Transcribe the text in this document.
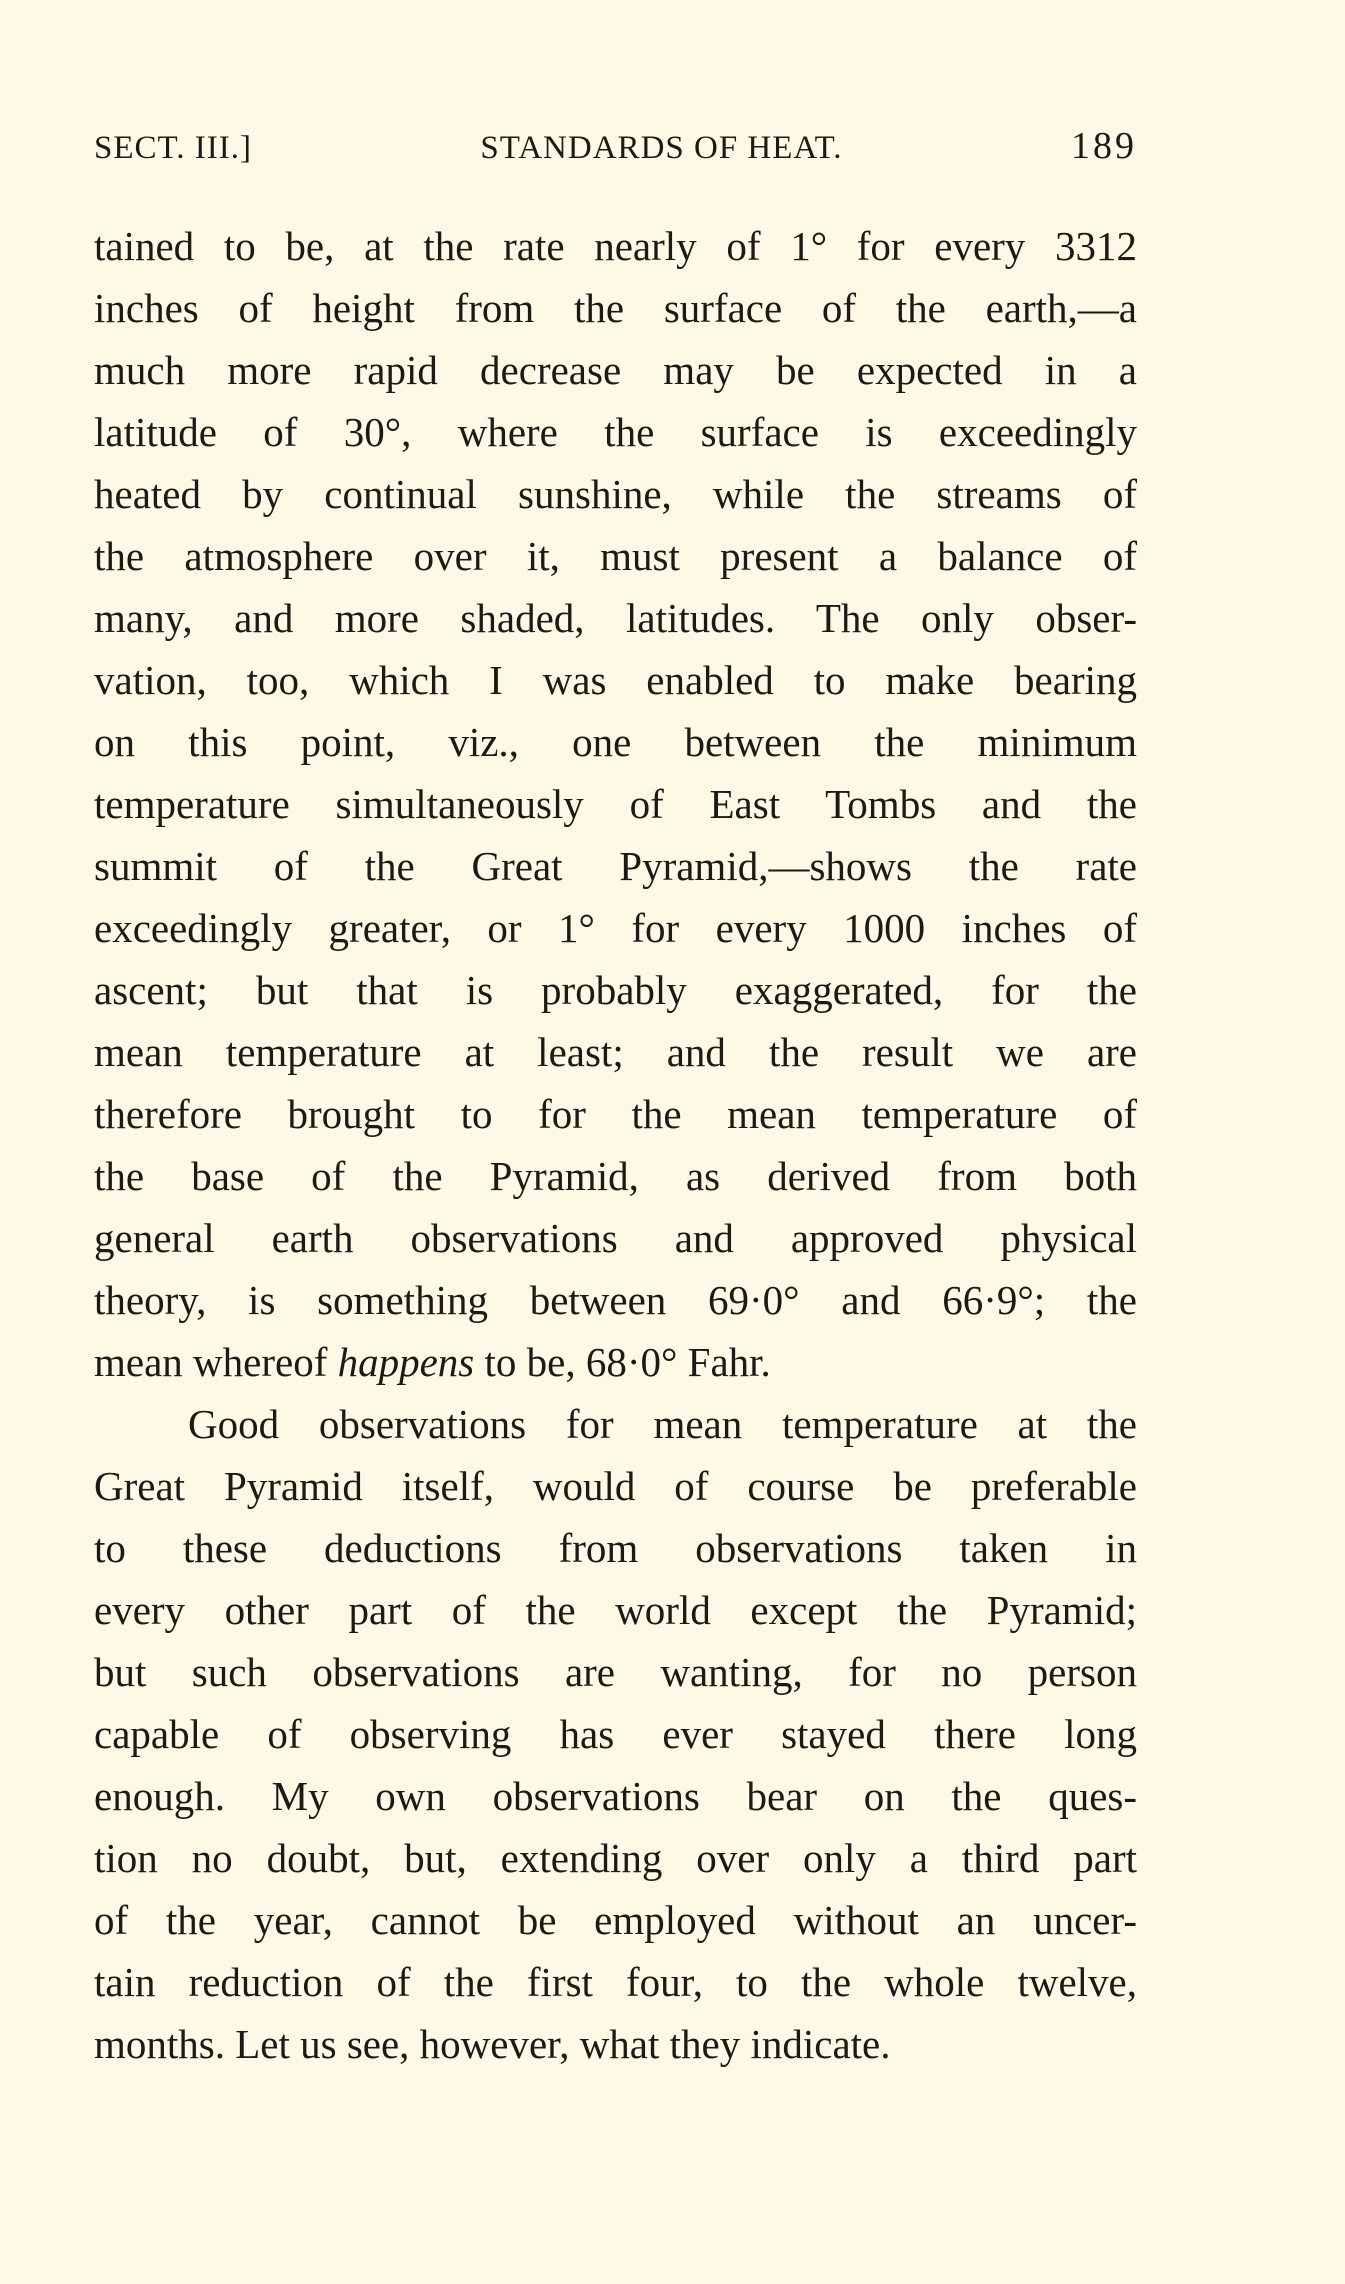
SECT. III.]	STANDARDS OF HEAT.	189
tained to be, at the rate nearly of 1° for every 3312
inches of height from the surface of the earth,—a
much more rapid decrease may be expected in a
latitude of 30°, where the surface is exceedingly
heated by continual sunshine, while the streams of
the atmosphere over it, must present a balance of
many, and more shaded, latitudes. The only obser-
vation, too, which I was enabled to make bearing
on this point, viz., one between the minimum
temperature simultaneously of East Tombs and the
summit of the Great Pyramid,—shows the rate
exceedingly greater, or 1° for every 1000 inches of
ascent; but that is probably exaggerated, for the
mean temperature at least; and the result we are
therefore brought to for the mean temperature of
the base of the Pyramid, as derived from both
general earth observations and approved physical
theory, is something between 69·0° and 66·9°; the
mean whereof happens to be, 68·0° Fahr.
Good observations for mean temperature at the
Great Pyramid itself, would of course be preferable
to these deductions from observations taken in
every other part of the world except the Pyramid;
but such observations are wanting, for no person
capable of observing has ever stayed there long
enough. My own observations bear on the ques-
tion no doubt, but, extending over only a third part
of the year, cannot be employed without an uncer-
tain reduction of the first four, to the whole twelve,
months. Let us see, however, what they indicate.
